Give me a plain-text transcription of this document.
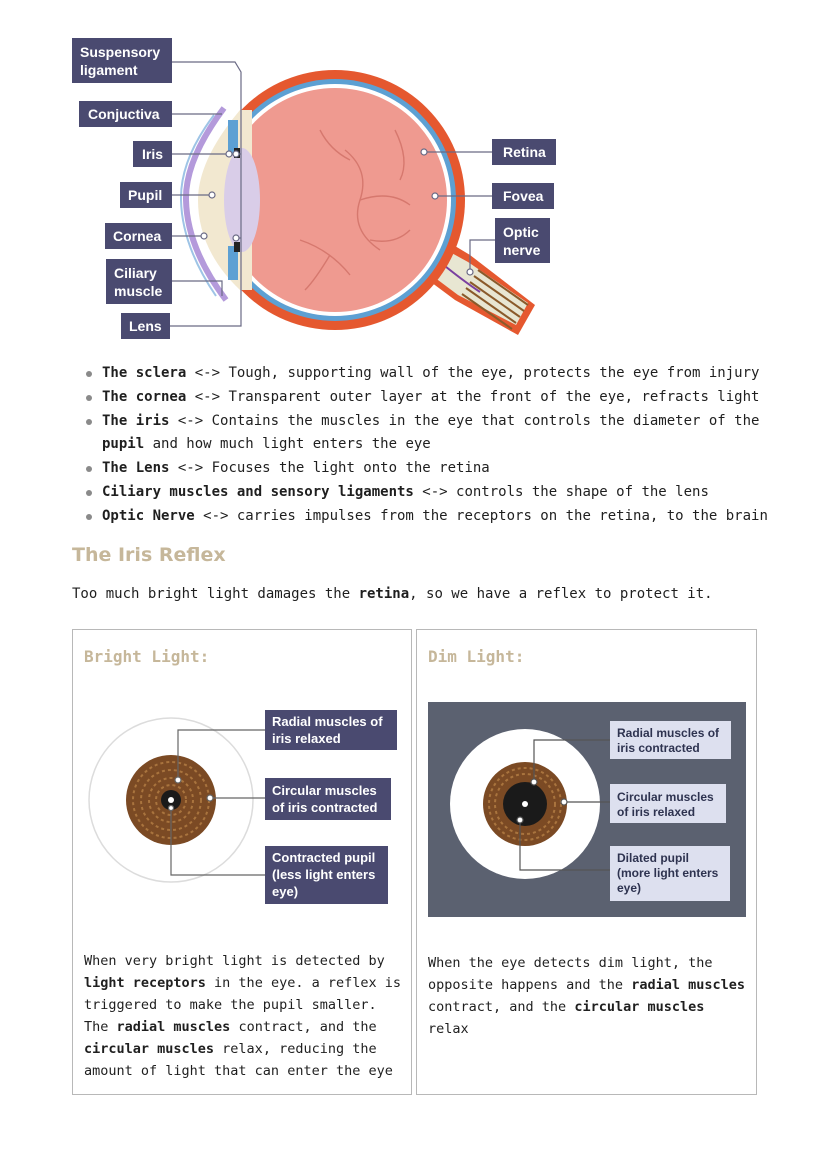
Suspensory
ligament
Conjuctiva
Iris
Pupil
Cornea
Ciliary
muscle
Lens
Retina
Fovea
Optic
nerve
The sclera <-> Tough, supporting wall of the eye, protects the eye from injury
The cornea <-> Transparent outer layer at the front of the eye, refracts light
The iris <-> Contains the muscles in the eye that controls the diameter of the pupil and how much light enters the eye
The Lens <-> Focuses the light onto the retina
Ciliary muscles and sensory ligaments <-> controls the shape of the lens
Optic Nerve <-> carries impulses from the receptors on the retina, to the brain
The Iris Reflex

Too much bright light damages the retina, so we have a reflex to protect it.

Bright Light:
Radial muscles of
iris relaxed
Circular muscles
of iris contracted
Contracted pupil
(less light enters
eye)

When very bright light is detected by light receptors in the eye. a reflex is triggered to make the pupil smaller. The radial muscles contract, and the circular muscles relax, reducing the amount of light that can enter the eye

Dim Light:
Radial muscles of
iris contracted
Circular muscles
of iris relaxed
Dilated pupil
(more light enters
eye)

When the eye detects dim light, the opposite happens and the radial muscles contract, and the circular muscles relax
